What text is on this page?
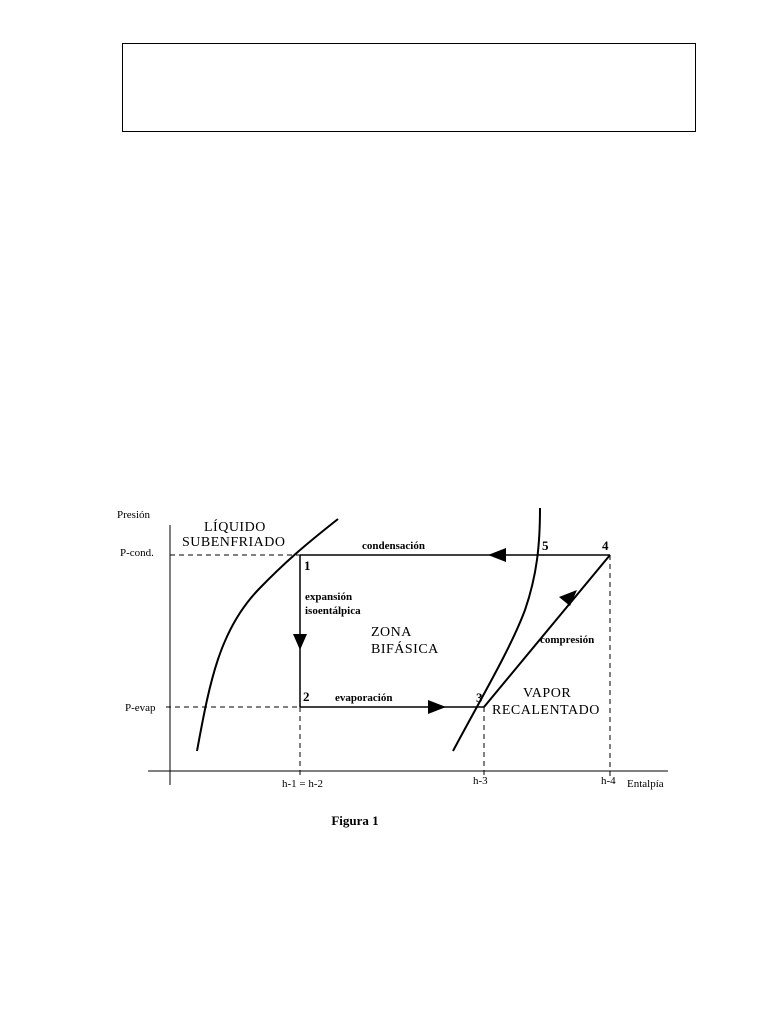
Presión
Entalpía
P-cond.
P-evap
LÍQUIDO
SUBENFRIADO
ZONA
BIFÁSICA
VAPOR
RECALENTADO
condensación
expansión
isoentálpica
evaporación
compresión
1
2	3
4
5
h-1 = h-2	h-3	h-4
Figura 1
